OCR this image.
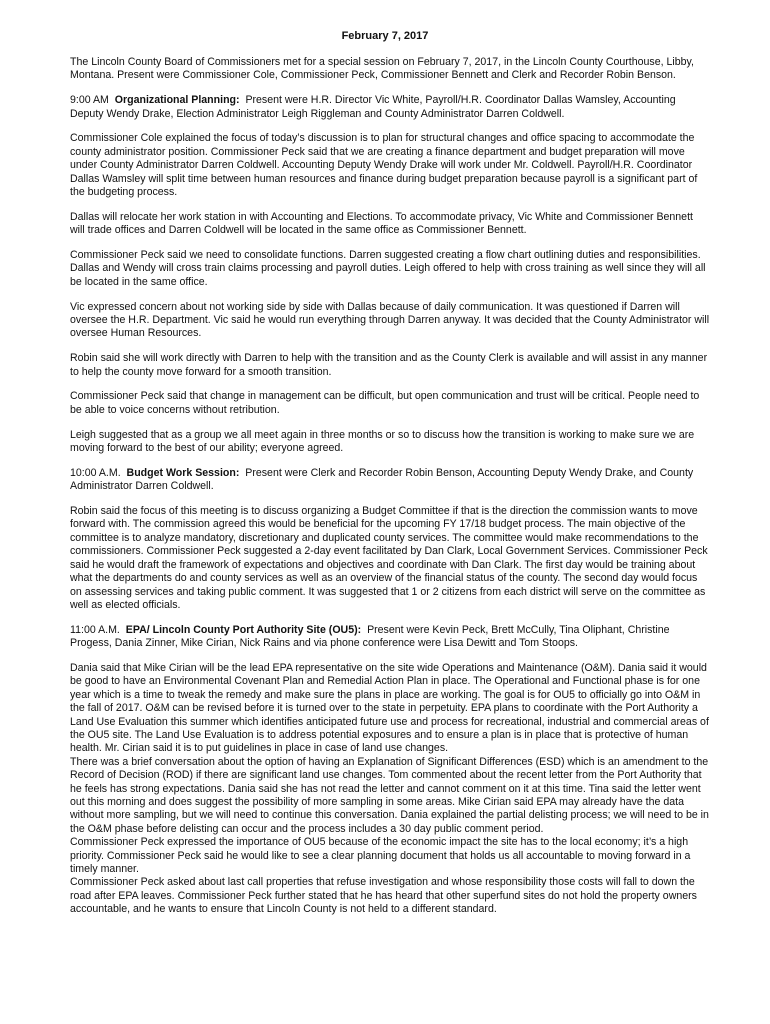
February 7, 2017

The Lincoln County Board of Commissioners met for a special session on February 7, 2017, in the Lincoln County Courthouse, Libby, Montana. Present were Commissioner Cole, Commissioner Peck, Commissioner Bennett and Clerk and Recorder Robin Benson.

9:00 AM Organizational Planning: Present were H.R. Director Vic White, Payroll/H.R. Coordinator Dallas Wamsley, Accounting Deputy Wendy Drake, Election Administrator Leigh Riggleman and County Administrator Darren Coldwell.

Commissioner Cole explained the focus of today’s discussion is to plan for structural changes and office spacing to accommodate the county administrator position. Commissioner Peck said that we are creating a finance department and budget preparation will move under County Administrator Darren Coldwell. Accounting Deputy Wendy Drake will work under Mr. Coldwell. Payroll/H.R. Coordinator Dallas Wamsley will split time between human resources and finance during budget preparation because payroll is a significant part of the budgeting process.

Dallas will relocate her work station in with Accounting and Elections. To accommodate privacy, Vic White and Commissioner Bennett will trade offices and Darren Coldwell will be located in the same office as Commissioner Bennett.

Commissioner Peck said we need to consolidate functions. Darren suggested creating a flow chart outlining duties and responsibilities. Dallas and Wendy will cross train claims processing and payroll duties. Leigh offered to help with cross training as well since they will all be located in the same office.

Vic expressed concern about not working side by side with Dallas because of daily communication. It was questioned if Darren will oversee the H.R. Department. Vic said he would run everything through Darren anyway. It was decided that the County Administrator will oversee Human Resources.

Robin said she will work directly with Darren to help with the transition and as the County Clerk is available and will assist in any manner to help the county move forward for a smooth transition.

Commissioner Peck said that change in management can be difficult, but open communication and trust will be critical. People need to be able to voice concerns without retribution.

Leigh suggested that as a group we all meet again in three months or so to discuss how the transition is working to make sure we are moving forward to the best of our ability; everyone agreed.

10:00 A.M. Budget Work Session: Present were Clerk and Recorder Robin Benson, Accounting Deputy Wendy Drake, and County Administrator Darren Coldwell.

Robin said the focus of this meeting is to discuss organizing a Budget Committee if that is the direction the commission wants to move forward with. The commission agreed this would be beneficial for the upcoming FY 17/18 budget process. The main objective of the committee is to analyze mandatory, discretionary and duplicated county services. The committee would make recommendations to the commissioners. Commissioner Peck suggested a 2-day event facilitated by Dan Clark, Local Government Services. Commissioner Peck said he would draft the framework of expectations and objectives and coordinate with Dan Clark. The first day would be training about what the departments do and county services as well as an overview of the financial status of the county. The second day would focus on assessing services and taking public comment. It was suggested that 1 or 2 citizens from each district will serve on the committee as well as elected officials.

11:00 A.M. EPA/ Lincoln County Port Authority Site (OU5): Present were Kevin Peck, Brett McCully, Tina Oliphant, Christine Progess, Dania Zinner, Mike Cirian, Nick Rains and via phone conference were Lisa Dewitt and Tom Stoops.

Dania said that Mike Cirian will be the lead EPA representative on the site wide Operations and Maintenance (O&M). Dania said it would be good to have an Environmental Covenant Plan and Remedial Action Plan in place. The Operational and Functional phase is for one year which is a time to tweak the remedy and make sure the plans in place are working. The goal is for OU5 to officially go into O&M in the fall of 2017. O&M can be revised before it is turned over to the state in perpetuity. EPA plans to coordinate with the Port Authority a Land Use Evaluation this summer which identifies anticipated future use and process for recreational, industrial and commercial areas of the OU5 site. The Land Use Evaluation is to address potential exposures and to ensure a plan is in place that is protective of human health. Mr. Cirian said it is to put guidelines in place in case of land use changes.

There was a brief conversation about the option of having an Explanation of Significant Differences (ESD) which is an amendment to the Record of Decision (ROD) if there are significant land use changes. Tom commented about the recent letter from the Port Authority that he feels has strong expectations. Dania said she has not read the letter and cannot comment on it at this time. Tina said the letter went out this morning and does suggest the possibility of more sampling in some areas. Mike Cirian said EPA may already have the data without more sampling, but we will need to continue this conversation. Dania explained the partial delisting process; we will need to be in the O&M phase before delisting can occur and the process includes a 30 day public comment period.

Commissioner Peck expressed the importance of OU5 because of the economic impact the site has to the local economy; it’s a high priority. Commissioner Peck said he would like to see a clear planning document that holds us all accountable to moving forward in a timely manner.

Commissioner Peck asked about last call properties that refuse investigation and whose responsibility those costs will fall to down the road after EPA leaves. Commissioner Peck further stated that he has heard that other superfund sites do not hold the property owners accountable, and he wants to ensure that Lincoln County is not held to a different standard.
